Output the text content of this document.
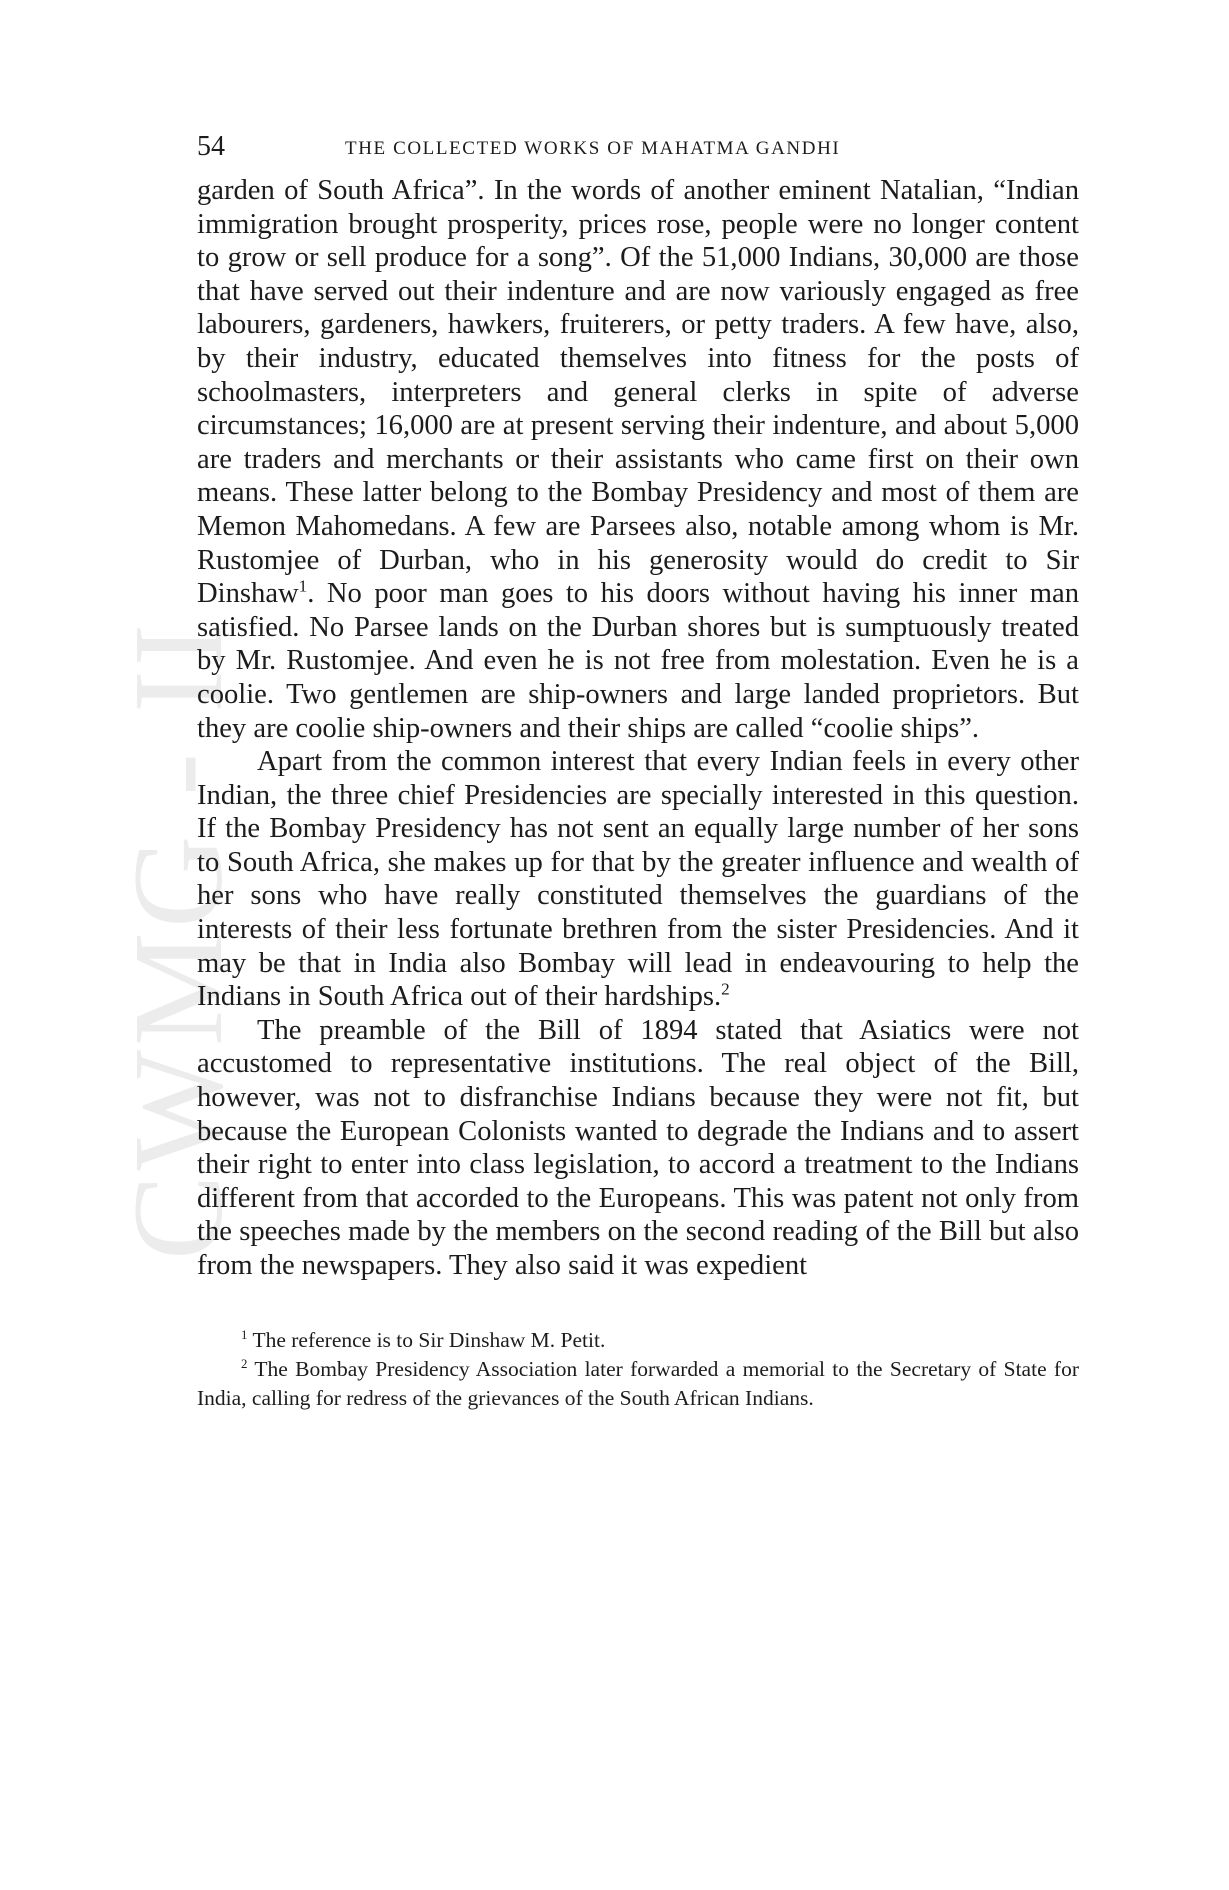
CWMG - II
54	THE COLLECTED WORKS OF MAHATMA GANDHI

garden of South Africa”. In the words of another eminent Natalian, “Indian immigration brought prosperity, prices rose, people were no longer content to grow or sell produce for a song”. Of the 51,000 Indians, 30,000 are those that have served out their indenture and are now variously engaged as free labourers, gardeners, hawkers, fruiterers, or petty traders. A few have, also, by their industry, educated themselves into fitness for the posts of schoolmasters, interpreters and general clerks in spite of adverse circumstances; 16,000 are at present serving their indenture, and about 5,000 are traders and merchants or their assistants who came first on their own means. These latter belong to the Bombay Presidency and most of them are Memon Mahomedans. A few are Parsees also, notable among whom is Mr. Rustomjee of Durban, who in his generosity would do credit to Sir Dinshaw$^1$. No poor man goes to his doors without having his inner man satisfied. No Parsee lands on the Durban shores but is sumptuously treated by Mr. Rustomjee. And even he is not free from molestation. Even he is a coolie. Two gentlemen are ship-owners and large landed proprietors. But they are coolie ship-owners and their ships are called “coolie ships”.

Apart from the common interest that every Indian feels in every other Indian, the three chief Presidencies are specially interested in this question. If the Bombay Presidency has not sent an equally large number of her sons to South Africa, she makes up for that by the greater influence and wealth of her sons who have really constituted themselves the guardians of the interests of their less fortunate brethren from the sister Presidencies. And it may be that in India also Bombay will lead in endeavouring to help the Indians in South Africa out of their hardships.$^2$

The preamble of the Bill of 1894 stated that Asiatics were not accustomed to representative institutions. The real object of the Bill, however, was not to disfranchise Indians because they were not fit, but because the European Colonists wanted to degrade the Indians and to assert their right to enter into class legislation, to accord a treatment to the Indians different from that accorded to the Europeans. This was patent not only from the speeches made by the members on the second reading of the Bill but also from the newspapers. They also said it was expedient

$^1$ The reference is to Sir Dinshaw M. Petit.

$^2$ The Bombay Presidency Association later forwarded a memorial to the Secretary of State for India, calling for redress of the grievances of the South African Indians.
